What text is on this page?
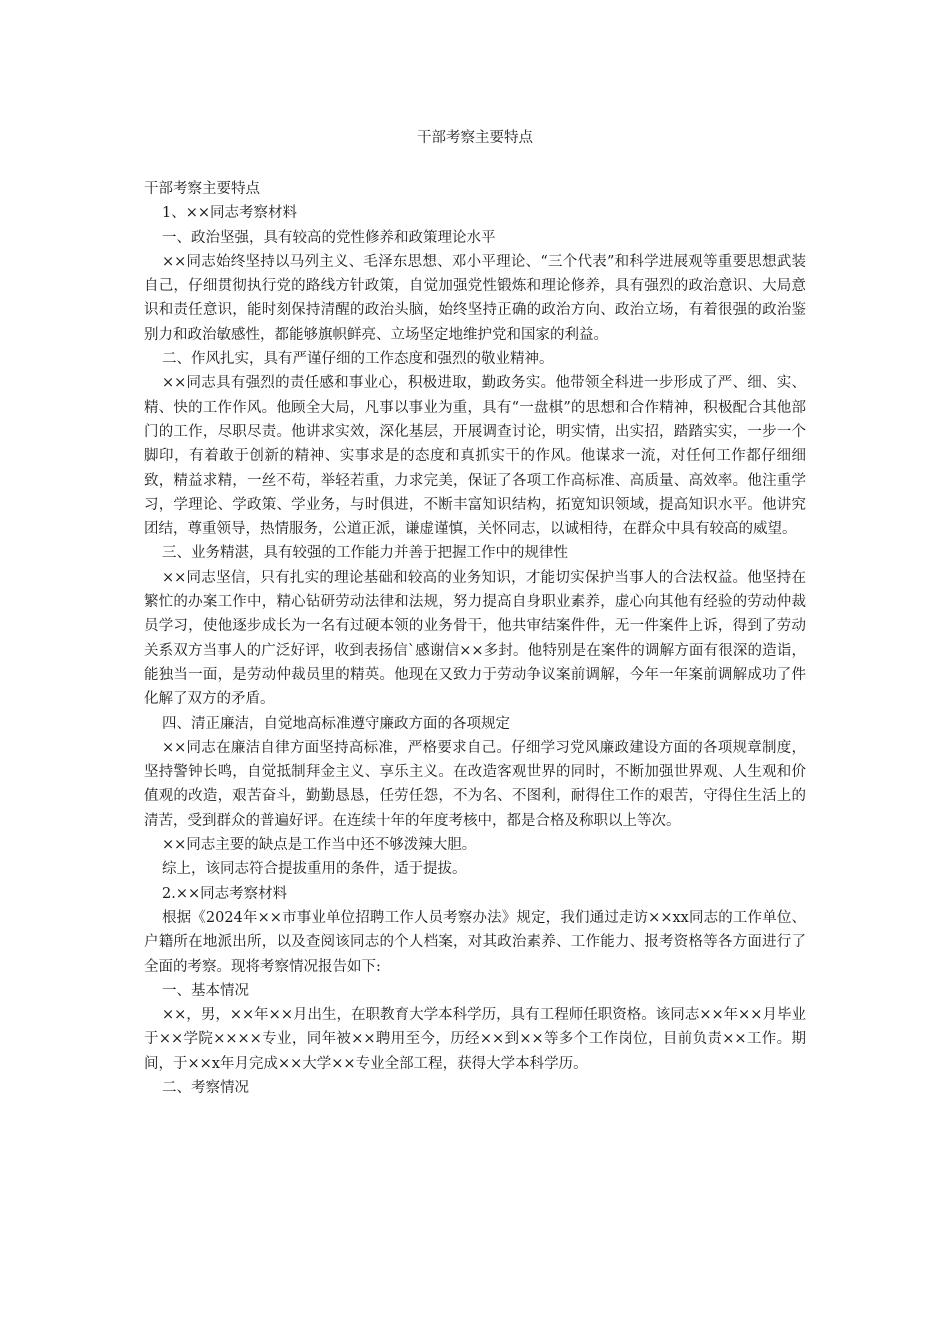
干部考察主要特点

干部考察主要特点

1、××同志考察材料

一、政治坚强，具有较高的党性修养和政策理论水平

××同志始终坚持以马列主义、毛泽东思想、邓小平理论、“三个代表”和科学进展观等重要思想武装自己，仔细贯彻执行党的路线方针政策，自觉加强党性锻炼和理论修养，具有强烈的政治意识、大局意识和责任意识，能时刻保持清醒的政治头脑，始终坚持正确的政治方向、政治立场，有着很强的政治鉴别力和政治敏感性，都能够旗帜鲜亮、立场坚定地维护党和国家的利益。

二、作风扎实，具有严谨仔细的工作态度和强烈的敬业精神。

××同志具有强烈的责任感和事业心，积极进取，勤政务实。他带领全科进一步形成了严、细、实、精、快的工作作风。他顾全大局，凡事以事业为重，具有“一盘棋”的思想和合作精神，积极配合其他部门的工作，尽职尽责。他讲求实效，深化基层，开展调查讨论，明实情，出实招，踏踏实实，一步一个脚印，有着敢于创新的精神、实事求是的态度和真抓实干的作风。他谋求一流，对任何工作都仔细细致，精益求精，一丝不苟，举轻若重，力求完美，保证了各项工作高标准、高质量、高效率。他注重学习，学理论、学政策、学业务，与时俱进，不断丰富知识结构，拓宽知识领域，提高知识水平。他讲究团结，尊重领导，热情服务，公道正派，谦虚谨慎，关怀同志，以诚相待，在群众中具有较高的威望。

三、业务精湛，具有较强的工作能力并善于把握工作中的规律性

××同志坚信，只有扎实的理论基础和较高的业务知识，才能切实保护当事人的合法权益。他坚持在繁忙的办案工作中，精心钻研劳动法律和法规，努力提高自身职业素养，虚心向其他有经验的劳动仲裁员学习，使他逐步成长为一名有过硬本领的业务骨干，他共审结案件件，无一件案件上诉，得到了劳动关系双方当事人的广泛好评，收到表扬信`感谢信××多封。他特别是在案件的调解方面有很深的造诣，能独当一面，是劳动仲裁员里的精英。他现在又致力于劳动争议案前调解，今年一年案前调解成功了件化解了双方的矛盾。

四、清正廉洁，自觉地高标准遵守廉政方面的各项规定

××同志在廉洁自律方面坚持高标准，严格要求自己。仔细学习党风廉政建设方面的各项规章制度，坚持警钟长鸣，自觉抵制拜金主义、享乐主义。在改造客观世界的同时，不断加强世界观、人生观和价值观的改造，艰苦奋斗，勤勤恳恳，任劳任怨，不为名、不图利，耐得住工作的艰苦，守得住生活上的清苦，受到群众的普遍好评。在连续十年的年度考核中，都是合格及称职以上等次。

××同志主要的缺点是工作当中还不够泼辣大胆。

综上，该同志符合提拔重用的条件，适于提拔。

2.××同志考察材料

根据《2024年××市事业单位招聘工作人员考察办法》规定，我们通过走访××xx同志的工作单位、户籍所在地派出所，以及查阅该同志的个人档案，对其政治素养、工作能力、报考资格等各方面进行了全面的考察。现将考察情况报告如下:

一、基本情况

××，男，××年××月出生，在职教育大学本科学历，具有工程师任职资格。该同志××年××月毕业于××学院××××专业，同年被××聘用至今，历经××到××等多个工作岗位，目前负责××工作。期间，于××x年月完成××大学××专业全部工程，获得大学本科学历。

二、考察情况
